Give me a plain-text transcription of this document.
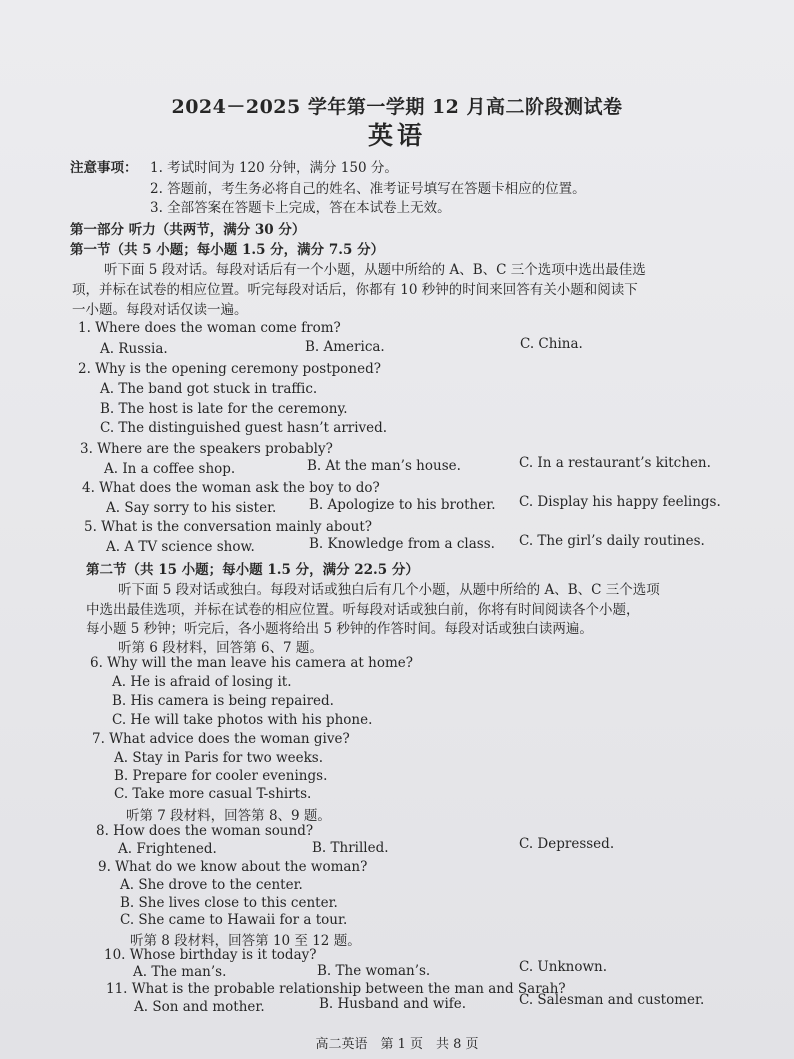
2024－2025 学年第一学期 12 月高二阶段测试卷
英语
注意事项： 1. 考试时间为 120 分钟，满分 150 分。
2. 答题前，考生务必将自己的姓名、准考证号填写在答题卡相应的位置。
3. 全部答案在答题卡上完成，答在本试卷上无效。
第一部分 听力（共两节，满分 30 分）
第一节（共 5 小题；每小题 1.5 分，满分 7.5 分）
听下面 5 段对话。每段对话后有一个小题，从题中所给的 A、B、C 三个选项中选出最佳选
项，并标在试卷的相应位置。听完每段对话后，你都有 10 秒钟的时间来回答有关小题和阅读下
一小题。每段对话仅读一遍。
1. Where does the woman come from?
A. Russia.	B. America.	C. China.
2. Why is the opening ceremony postponed?
A. The band got stuck in traffic.
B. The host is late for the ceremony.
C. The distinguished guest hasn’t arrived.
3. Where are the speakers probably?
A. In a coffee shop.	B. At the man’s house.	C. In a restaurant’s kitchen.
4. What does the woman ask the boy to do?
A. Say sorry to his sister. B. Apologize to his brother. C. Display his happy feelings.
5. What is the conversation mainly about?
A. A TV science show.	B. Knowledge from a class. C. The girl’s daily routines.
第二节（共 15 小题；每小题 1.5 分，满分 22.5 分）
听下面 5 段对话或独白。每段对话或独白后有几个小题，从题中所给的 A、B、C 三个选项
中选出最佳选项，并标在试卷的相应位置。听每段对话或独白前，你将有时间阅读各个小题，
每小题 5 秒钟；听完后，各小题将给出 5 秒钟的作答时间。每段对话或独白读两遍。
听第 6 段材料，回答第 6、7 题。
6. Why will the man leave his camera at home?
A. He is afraid of losing it.
B. His camera is being repaired.
C. He will take photos with his phone.
7. What advice does the woman give?
A. Stay in Paris for two weeks.
B. Prepare for cooler evenings.
C. Take more casual T-shirts.
听第 7 段材料，回答第 8、9 题。
8. How does the woman sound?
A. Frightened.	B. Thrilled.	C. Depressed.
9. What do we know about the woman?
A. She drove to the center.
B. She lives close to this center.
C. She came to Hawaii for a tour.
听第 8 段材料，回答第 10 至 12 题。
10. Whose birthday is it today?
A. The man’s.	B. The woman’s.	C. Unknown.
11. What is the probable relationship between the man and Sarah?
A. Son and mother.	B. Husband and wife.	C. Salesman and customer.
高二英语　第 1 页　共 8 页
